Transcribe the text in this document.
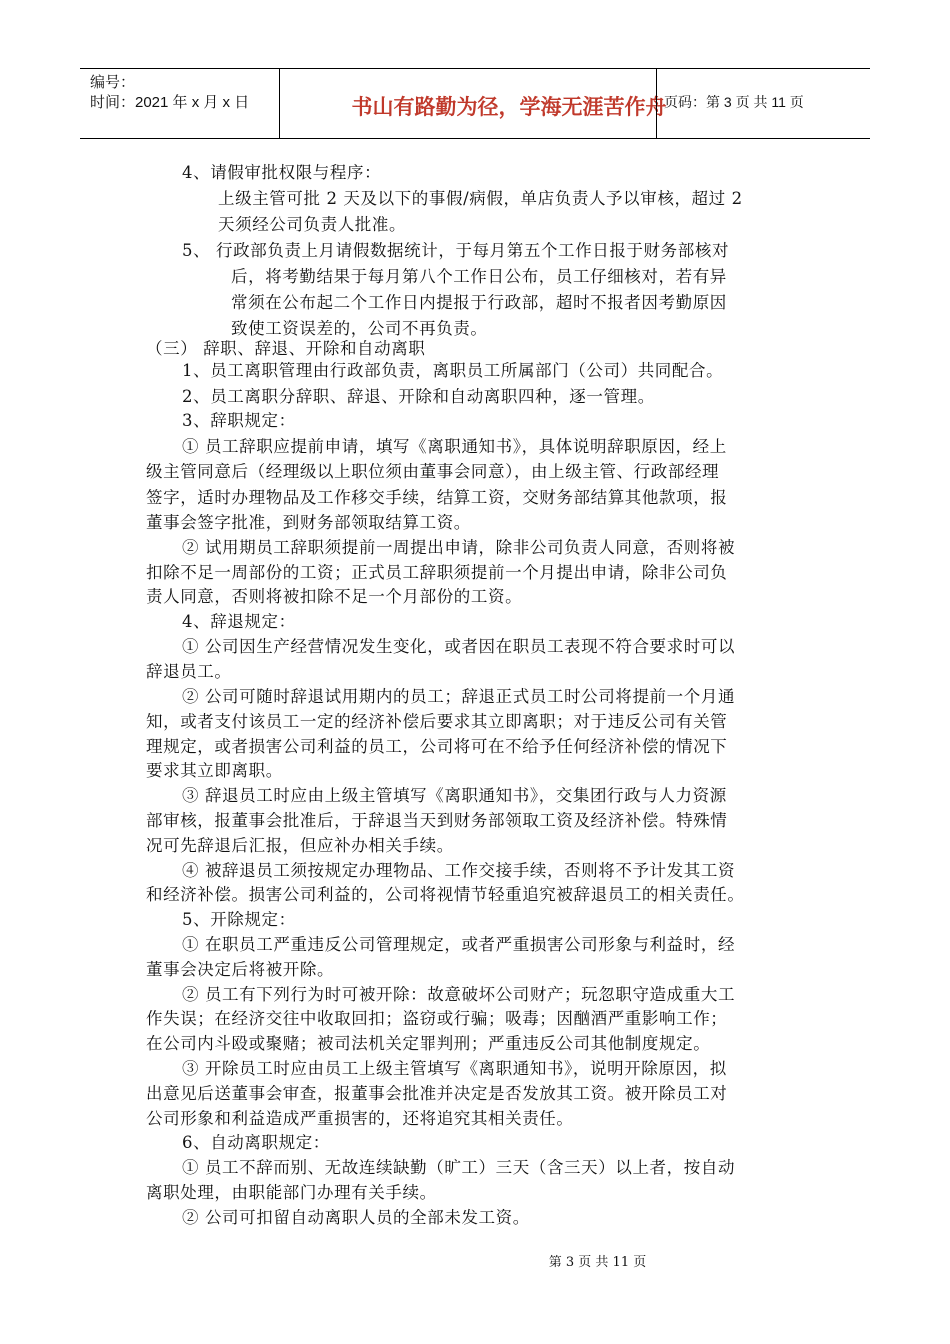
编号：
时间：2021 年 x 月 x 日	书山有路勤为径，学海无涯苦作舟
页码：第 3 页 共 11 页
4、请假审批权限与程序：
上级主管可批 2 天及以下的事假/病假，单店负责人予以审核，超过 2
天须经公司负责人批准。
5、 行政部负责上月请假数据统计，于每月第五个工作日报于财务部核对
后，将考勤结果于每月第八个工作日公布，员工仔细核对，若有异
常须在公布起二个工作日内提报于行政部，超时不报者因考勤原因
致使工资误差的，公司不再负责。
（三） 辞职、辞退、开除和自动离职
1、员工离职管理由行政部负责，离职员工所属部门（公司）共同配合。
2、员工离职分辞职、辞退、开除和自动离职四种，逐一管理。
3、辞职规定：
① 员工辞职应提前申请，填写《离职通知书》，具体说明辞职原因，经上
级主管同意后（经理级以上职位须由董事会同意），由上级主管、行政部经理
签字，适时办理物品及工作移交手续，结算工资，交财务部结算其他款项，报
董事会签字批准，到财务部领取结算工资。
② 试用期员工辞职须提前一周提出申请，除非公司负责人同意，否则将被
扣除不足一周部份的工资；正式员工辞职须提前一个月提出申请，除非公司负
责人同意，否则将被扣除不足一个月部份的工资。
4、辞退规定：
① 公司因生产经营情况发生变化，或者因在职员工表现不符合要求时可以
辞退员工。
② 公司可随时辞退试用期内的员工；辞退正式员工时公司将提前一个月通
知，或者支付该员工一定的经济补偿后要求其立即离职；对于违反公司有关管
理规定，或者损害公司利益的员工，公司将可在不给予任何经济补偿的情况下
要求其立即离职。
③ 辞退员工时应由上级主管填写《离职通知书》，交集团行政与人力资源
部审核，报董事会批准后，于辞退当天到财务部领取工资及经济补偿。特殊情
况可先辞退后汇报，但应补办相关手续。
④ 被辞退员工须按规定办理物品、工作交接手续，否则将不予计发其工资
和经济补偿。损害公司利益的，公司将视情节轻重追究被辞退员工的相关责任。
5、开除规定：
① 在职员工严重违反公司管理规定，或者严重损害公司形象与利益时，经
董事会决定后将被开除。
② 员工有下列行为时可被开除：故意破坏公司财产；玩忽职守造成重大工
作失误；在经济交往中收取回扣；盗窃或行骗；吸毒；因酗酒严重影响工作；
在公司内斗殴或聚赌；被司法机关定罪判刑；严重违反公司其他制度规定。
③ 开除员工时应由员工上级主管填写《离职通知书》，说明开除原因，拟
出意见后送董事会审查，报董事会批准并决定是否发放其工资。被开除员工对
公司形象和利益造成严重损害的，还将追究其相关责任。
6、自动离职规定：
① 员工不辞而别、无故连续缺勤（旷工）三天（含三天）以上者，按自动
离职处理，由职能部门办理有关手续。
② 公司可扣留自动离职人员的全部未发工资。
第 3 页 共 11 页
